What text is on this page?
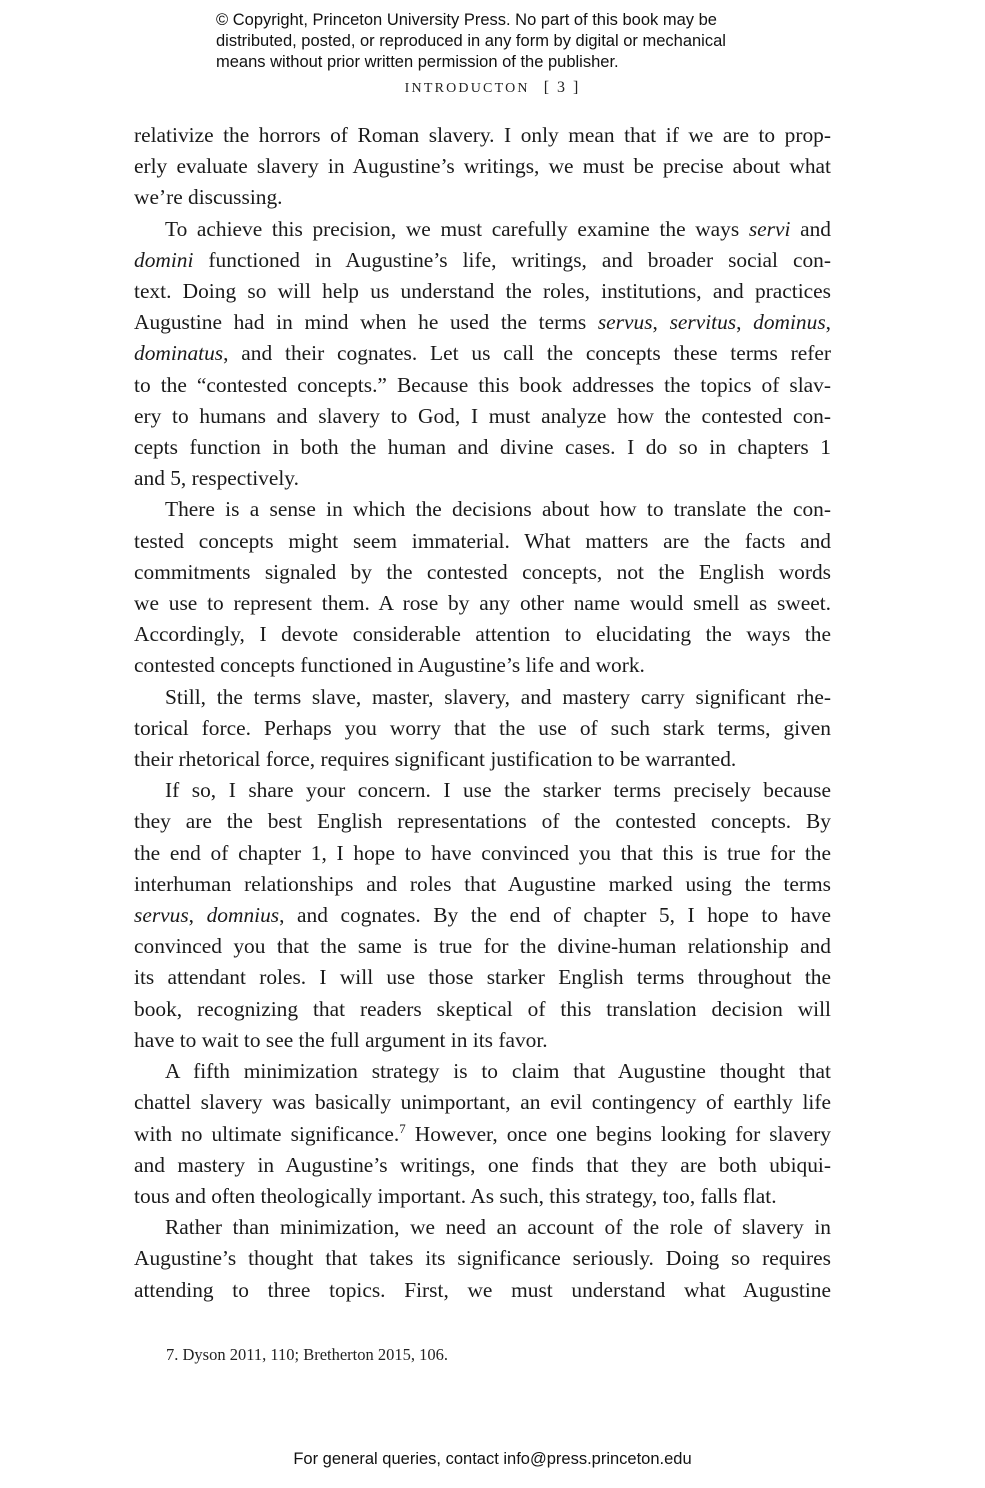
© Copyright, Princeton University Press. No part of this book may be
distributed, posted, or reproduced in any form by digital or mechanical
means without prior written permission of the publisher.
INTRODUCTON [ 3 ]

relativize the horrors of Roman slavery. I only mean that if we are to prop-
erly evaluate slavery in Augustine’s writings, we must be precise about what
we’re discussing.

To achieve this precision, we must carefully examine the ways servi and
domini functioned in Augustine’s life, writings, and broader social con-
text. Doing so will help us understand the roles, institutions, and practices
Augustine had in mind when he used the terms servus, servitus, dominus,
dominatus, and their cognates. Let us call the concepts these terms refer
to the “contested concepts.” Because this book addresses the topics of slav-
ery to humans and slavery to God, I must analyze how the contested con-
cepts function in both the human and divine cases. I do so in chapters 1
and 5, respectively.

There is a sense in which the decisions about how to translate the con-
tested concepts might seem immaterial. What matters are the facts and
commitments signaled by the contested concepts, not the English words
we use to represent them. A rose by any other name would smell as sweet.
Accordingly, I devote considerable attention to elucidating the ways the
contested concepts functioned in Augustine’s life and work.

Still, the terms slave, master, slavery, and mastery carry significant rhe-
torical force. Perhaps you worry that the use of such stark terms, given
their rhetorical force, requires significant justification to be warranted.

If so, I share your concern. I use the starker terms precisely because
they are the best English representations of the contested concepts. By
the end of chapter 1, I hope to have convinced you that this is true for the
interhuman relationships and roles that Augustine marked using the terms
servus, domnius, and cognates. By the end of chapter 5, I hope to have
convinced you that the same is true for the divine-human relationship and
its attendant roles. I will use those starker English terms throughout the
book, recognizing that readers skeptical of this translation decision will
have to wait to see the full argument in its favor.

A fifth minimization strategy is to claim that Augustine thought that
chattel slavery was basically unimportant, an evil contingency of earthly life
with no ultimate significance.$^7$ However, once one begins looking for slavery
and mastery in Augustine’s writings, one finds that they are both ubiqui-
tous and often theologically important. As such, this strategy, too, falls flat.

Rather than minimization, we need an account of the role of slavery in
Augustine’s thought that takes its significance seriously. Doing so requires
attending to three topics. First, we must understand what Augustine

7. Dyson 2011, 110; Bretherton 2015, 106.
For general queries, contact info@press.princeton.edu
